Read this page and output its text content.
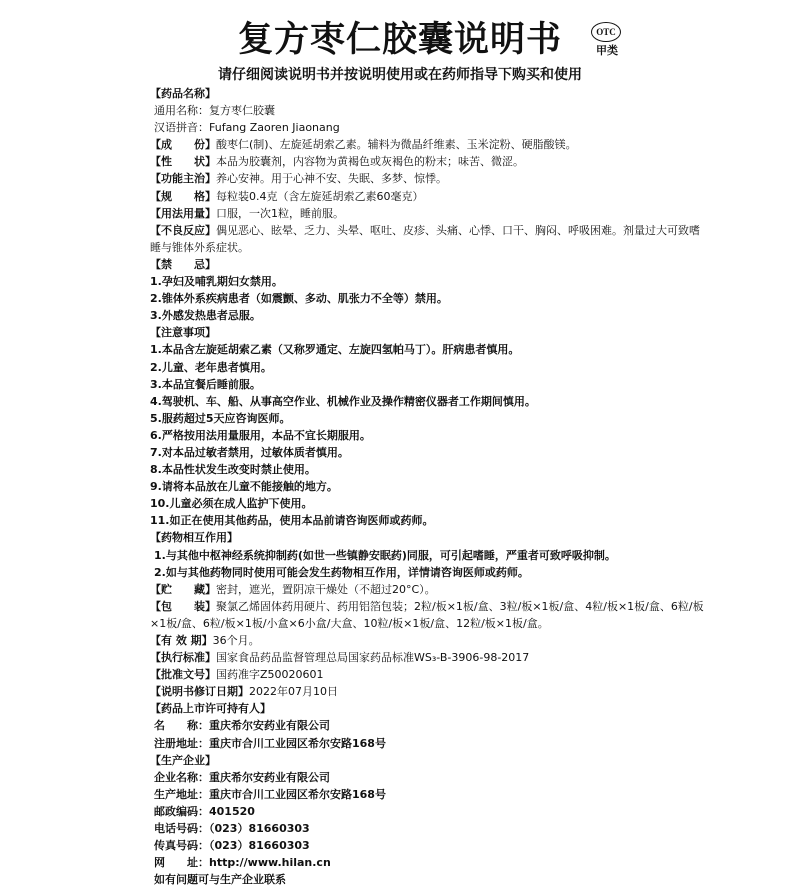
复方枣仁胶囊说明书	OTC
甲类
请仔细阅读说明书并按说明使用或在药师指导下购买和使用
【药品名称】
通用名称：复方枣仁胶囊
汉语拼音：Fufang Zaoren Jiaonang
【成　　份】酸枣仁(制)、左旋延胡索乙素。辅料为微晶纤维素、玉米淀粉、硬脂酸镁。
【性　　状】本品为胶囊剂，内容物为黄褐色或灰褐色的粉末；味苦、微涩。
【功能主治】养心安神。用于心神不安、失眠、多梦、惊悸。
【规　　格】每粒装0.4克（含左旋延胡索乙素60毫克）
【用法用量】口服，一次1粒，睡前服。
【不良反应】偶见恶心、眩晕、乏力、头晕、呕吐、皮疹、头痛、心悸、口干、胸闷、呼吸困难。剂量过大可致嗜睡与锥体外系症状。
【禁　　忌】
1.孕妇及哺乳期妇女禁用。
2.锥体外系疾病患者（如震颤、多动、肌张力不全等）禁用。
3.外感发热患者忌服。
【注意事项】
1.本品含左旋延胡索乙素（又称罗通定、左旋四氢帕马丁）。肝病患者慎用。
2.儿童、老年患者慎用。
3.本品宜餐后睡前服。
4.驾驶机、车、船、从事高空作业、机械作业及操作精密仪器者工作期间慎用。
5.服药超过5天应咨询医师。
6.严格按用法用量服用，本品不宜长期服用。
7.对本品过敏者禁用，过敏体质者慎用。
8.本品性状发生改变时禁止使用。
9.请将本品放在儿童不能接触的地方。
10.儿童必须在成人监护下使用。
11.如正在使用其他药品，使用本品前请咨询医师或药师。
【药物相互作用】
1.与其他中枢神经系统抑制药(如世一些镇静安眠药)同服，可引起嗜睡，严重者可致呼吸抑制。
2.如与其他药物同时使用可能会发生药物相互作用，详情请咨询医师或药师。
【贮　　藏】密封，遮光，置阴凉干燥处（不超过20°C）。
【包　　装】聚氯乙烯固体药用硬片、药用铝箔包装；2粒/板×1板/盒、3粒/板×1板/盒、4粒/板×1板/盒、6粒/板×1板/盒、6粒/板×1板/小盒×6小盒/大盒、10粒/板×1板/盒、12粒/板×1板/盒。
【有 效 期】36个月。
【执行标准】国家食品药品监督管理总局国家药品标准WS₃-B-3906-98-2017
【批准文号】国药准字Z50020601
【说明书修订日期】2022年07月10日
【药品上市许可持有人】
名　　称：重庆希尔安药业有限公司
注册地址：重庆市合川工业园区希尔安路168号
【生产企业】
企业名称：重庆希尔安药业有限公司
生产地址：重庆市合川工业园区希尔安路168号
邮政编码：401520
电话号码：（023）81660303
传真号码：（023）81660303
网　　址：http://www.hilan.cn
如有问题可与生产企业联系
